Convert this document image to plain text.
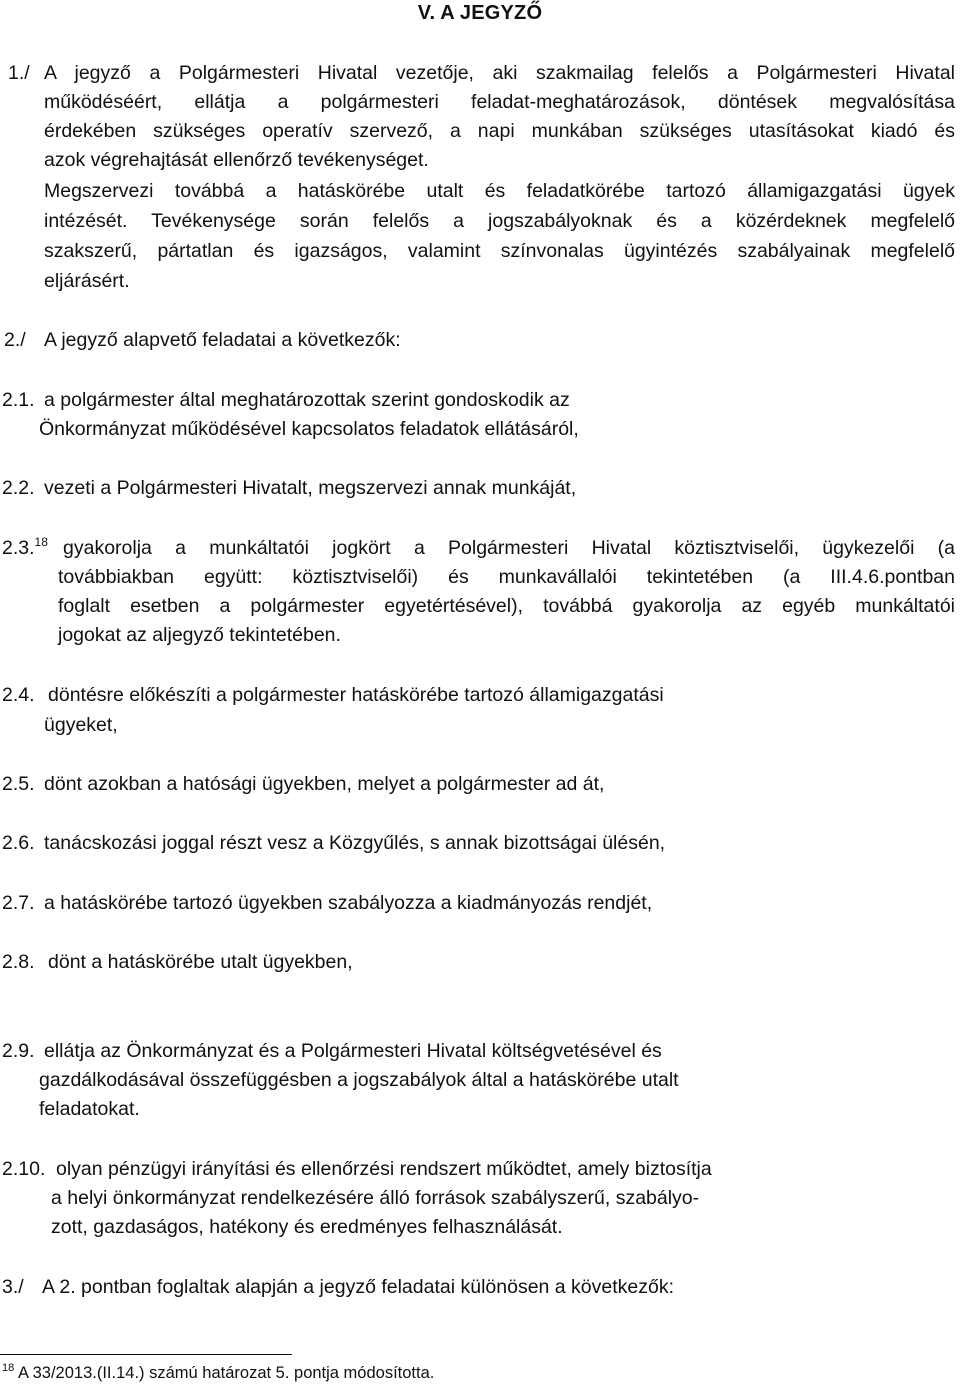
V. A JEGYZŐ
1./ A jegyző a Polgármesteri Hivatal vezetője, aki szakmailag felelős a Polgármesteri Hivatal
működéséért, ellátja a polgármesteri feladat-meghatározások, döntések megvalósítása
érdekében szükséges operatív szervező, a napi munkában szükséges utasításokat kiadó és
azok végrehajtását ellenőrző tevékenységet.
Megszervezi továbbá a hatáskörébe utalt és feladatkörébe tartozó államigazgatási ügyek
intézését. Tevékenysége során felelős a jogszabályoknak és a közérdeknek megfelelő
szakszerű, pártatlan és igazságos, valamint színvonalas ügyintézés szabályainak megfelelő
eljárásért.
2./ A jegyző alapvető feladatai a következők:
2.1. a polgármester által meghatározottak szerint gondoskodik az
Önkormányzat működésével kapcsolatos feladatok ellátásáról,
2.2. vezeti a Polgármesteri Hivatalt, megszervezi annak munkáját,
2.3.18 gyakorolja a munkáltatói jogkört a Polgármesteri Hivatal köztisztviselői, ügykezelői (a
továbbiakban együtt: köztisztviselői) és munkavállalói tekintetében (a III.4.6.pontban
foglalt esetben a polgármester egyetértésével), továbbá gyakorolja az egyéb munkáltatói
jogokat az aljegyző tekintetében.
2.4. döntésre előkészíti a polgármester hatáskörébe tartozó államigazgatási
ügyeket,
2.5. dönt azokban a hatósági ügyekben, melyet a polgármester ad át,
2.6. tanácskozási joggal részt vesz a Közgyűlés, s annak bizottságai ülésén,
2.7. a hatáskörébe tartozó ügyekben szabályozza a kiadmányozás rendjét,
2.8. dönt a hatáskörébe utalt ügyekben,
2.9. ellátja az Önkormányzat és a Polgármesteri Hivatal költségvetésével és
gazdálkodásával összefüggésben a jogszabályok által a hatáskörébe utalt
feladatokat.
2.10. olyan pénzügyi irányítási és ellenőrzési rendszert működtet, amely biztosítja
a helyi önkormányzat rendelkezésére álló források szabályszerű, szabályo-
zott, gazdaságos, hatékony és eredményes felhasználását.
3./ A 2. pontban foglaltak alapján a jegyző feladatai különösen a következők:
$^{18}$ A 33/2013.(II.14.) számú határozat 5. pontja módosította.
